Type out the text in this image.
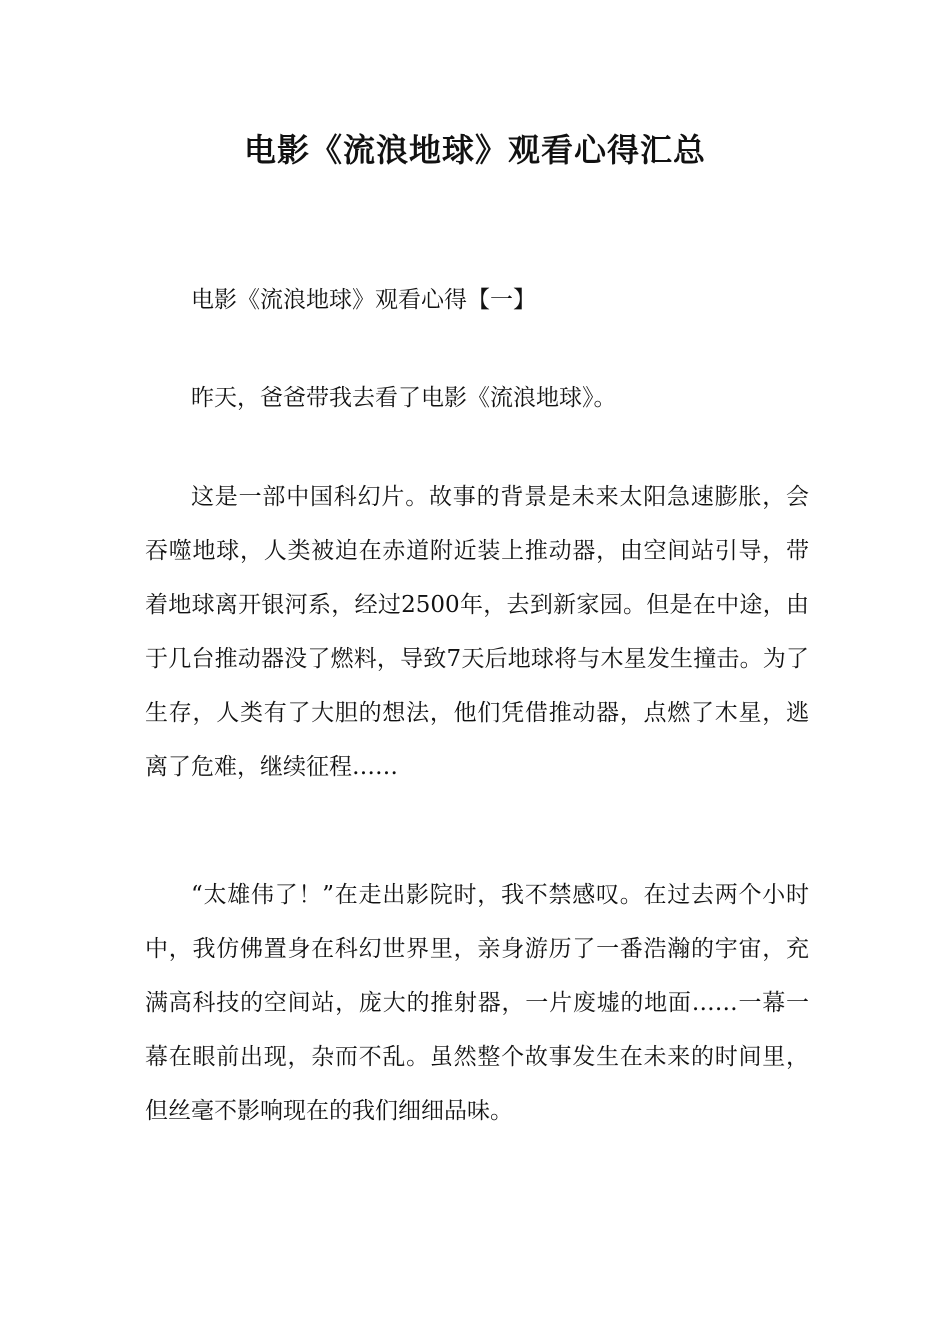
电影《流浪地球》观看心得汇总

电影《流浪地球》观看心得【一】

昨天，爸爸带我去看了电影《流浪地球》。

这是一部中国科幻片。故事的背景是未来太阳急速膨胀，会吞噬地球，人类被迫在赤道附近装上推动器，由空间站引导，带着地球离开银河系，经过2500年，去到新家园。但是在中途，由于几台推动器没了燃料，导致7天后地球将与木星发生撞击。为了生存，人类有了大胆的想法，他们凭借推动器，点燃了木星，逃离了危难，继续征程……

“太雄伟了！”在走出影院时，我不禁感叹。在过去两个小时中，我仿佛置身在科幻世界里，亲身游历了一番浩瀚的宇宙，充满高科技的空间站，庞大的推射器，一片废墟的地面……一幕一幕在眼前出现，杂而不乱。虽然整个故事发生在未来的时间里，但丝毫不影响现在的我们细细品味。
